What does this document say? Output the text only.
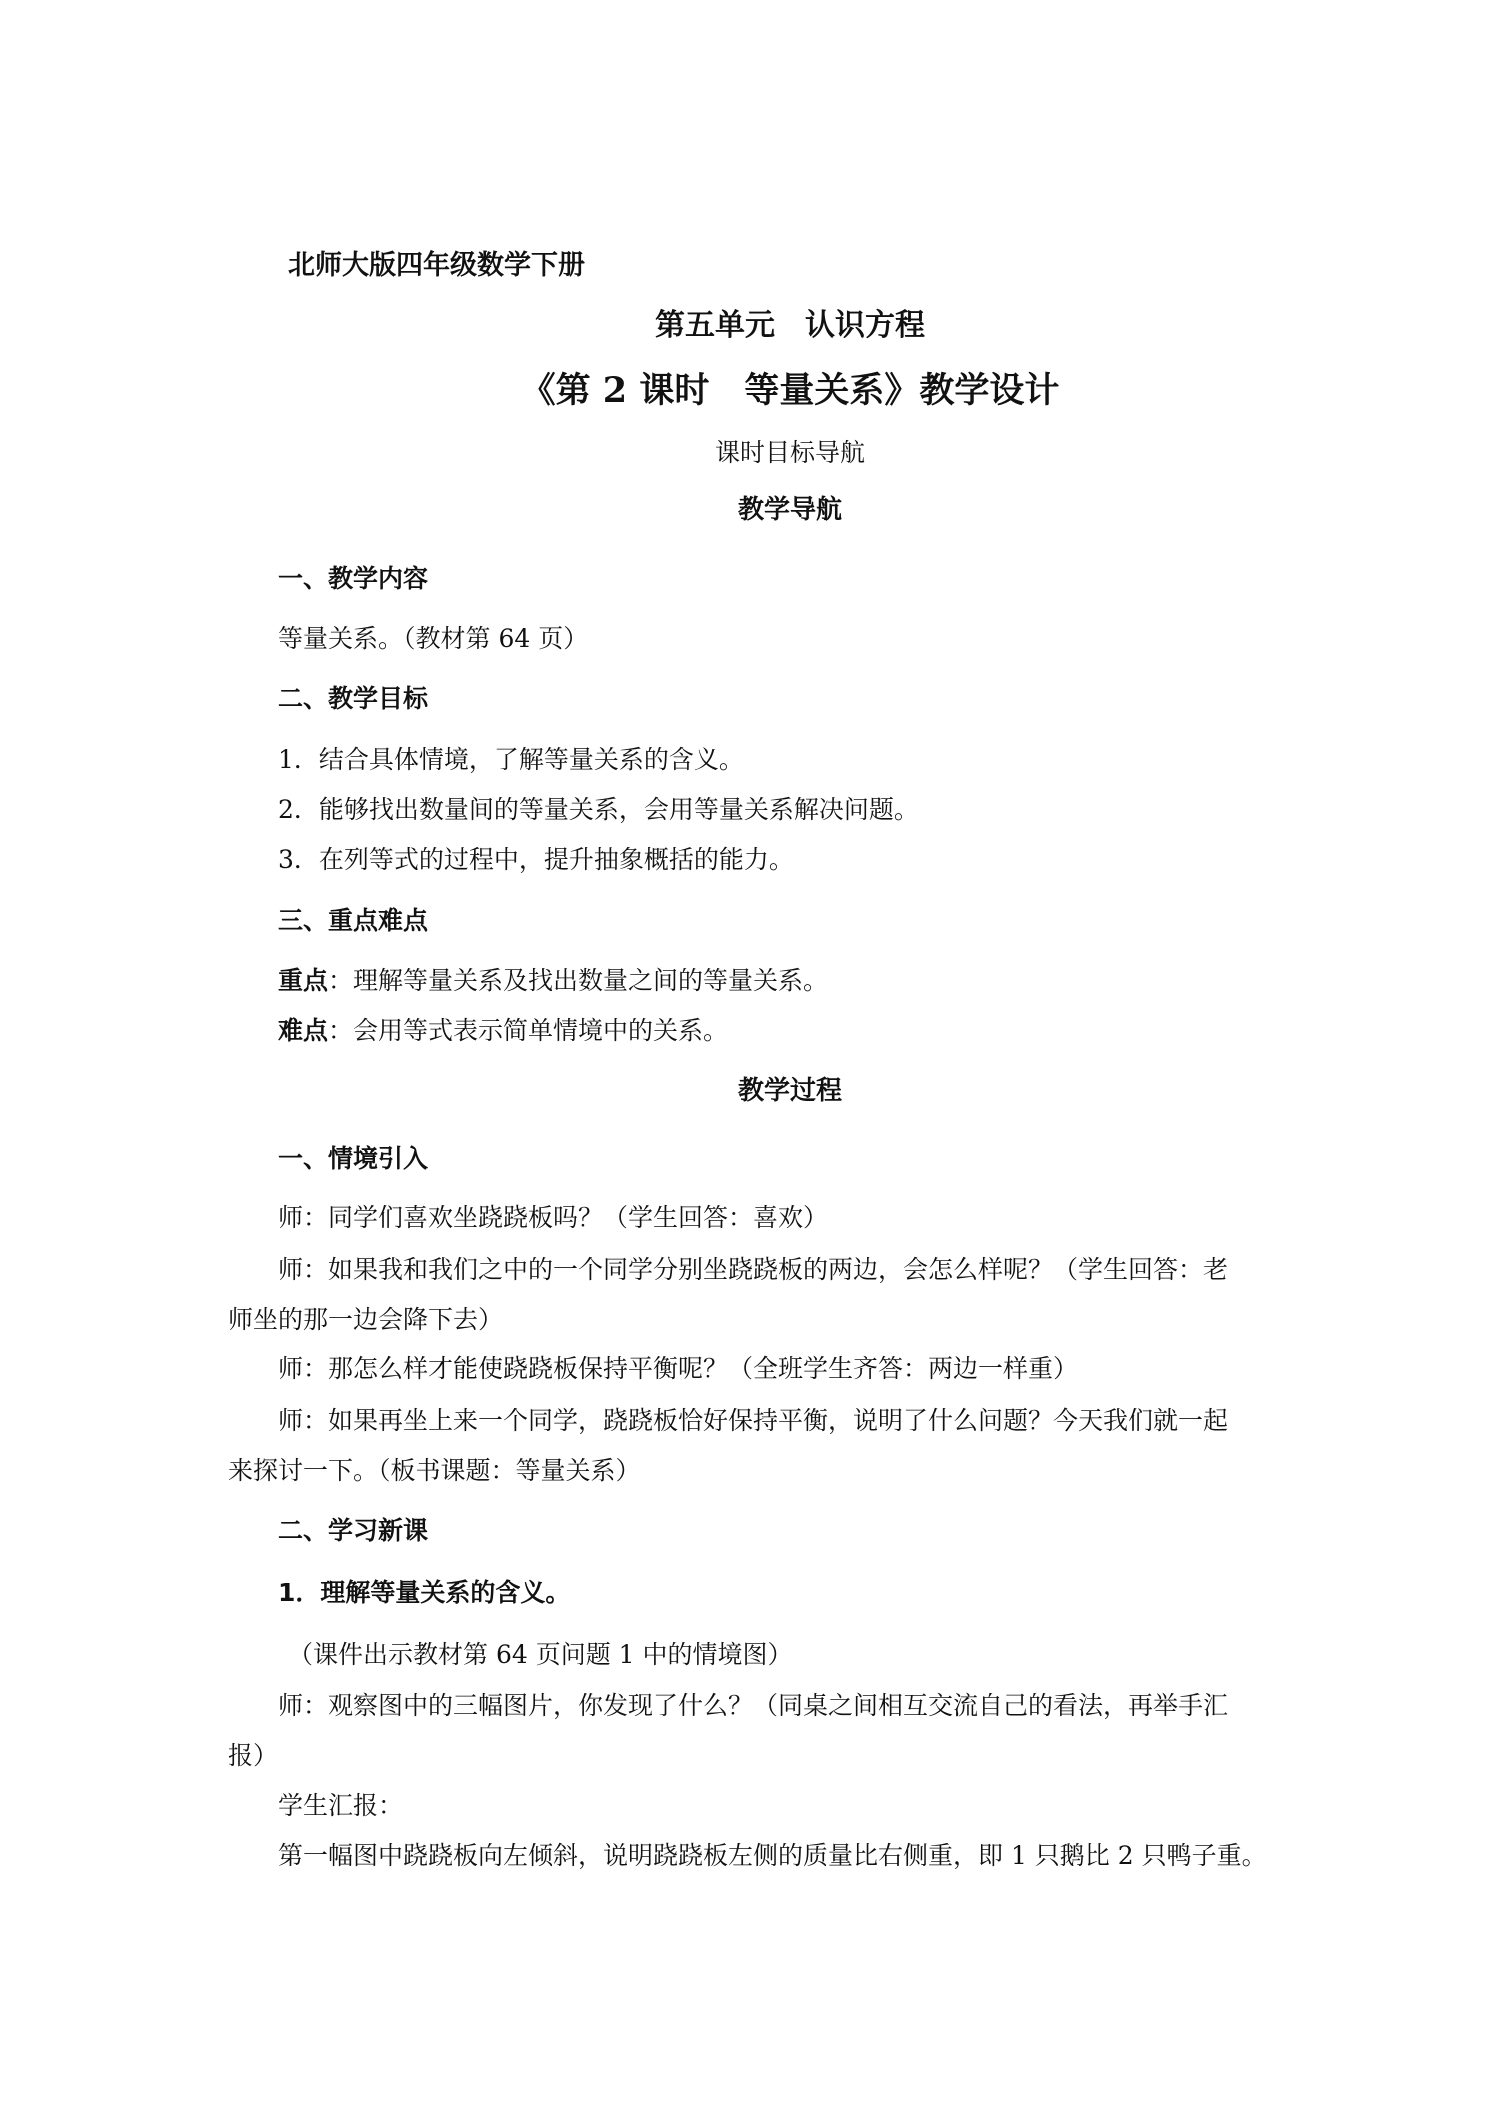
北师大版四年级数学下册
第五单元　认识方程
《第 2 课时　等量关系》教学设计
课时目标导航
教学导航
一、教学内容
等量关系。（教材第 64 页）
二、教学目标
1．结合具体情境，了解等量关系的含义。
2．能够找出数量间的等量关系，会用等量关系解决问题。
3．在列等式的过程中，提升抽象概括的能力。
三、重点难点
重点：理解等量关系及找出数量之间的等量关系。
难点：会用等式表示简单情境中的关系。
教学过程
一、情境引入
师：同学们喜欢坐跷跷板吗？（学生回答：喜欢）
师：如果我和我们之中的一个同学分别坐跷跷板的两边，会怎么样呢？（学生回答：老
师坐的那一边会降下去）
师：那怎么样才能使跷跷板保持平衡呢？（全班学生齐答：两边一样重）
师：如果再坐上来一个同学，跷跷板恰好保持平衡，说明了什么问题？今天我们就一起
来探讨一下。（板书课题：等量关系）
二、学习新课
1．理解等量关系的含义。
（课件出示教材第 64 页问题 1 中的情境图）
师：观察图中的三幅图片，你发现了什么？（同桌之间相互交流自己的看法，再举手汇
报）
学生汇报：
第一幅图中跷跷板向左倾斜，说明跷跷板左侧的质量比右侧重，即 1 只鹅比 2 只鸭子重。
